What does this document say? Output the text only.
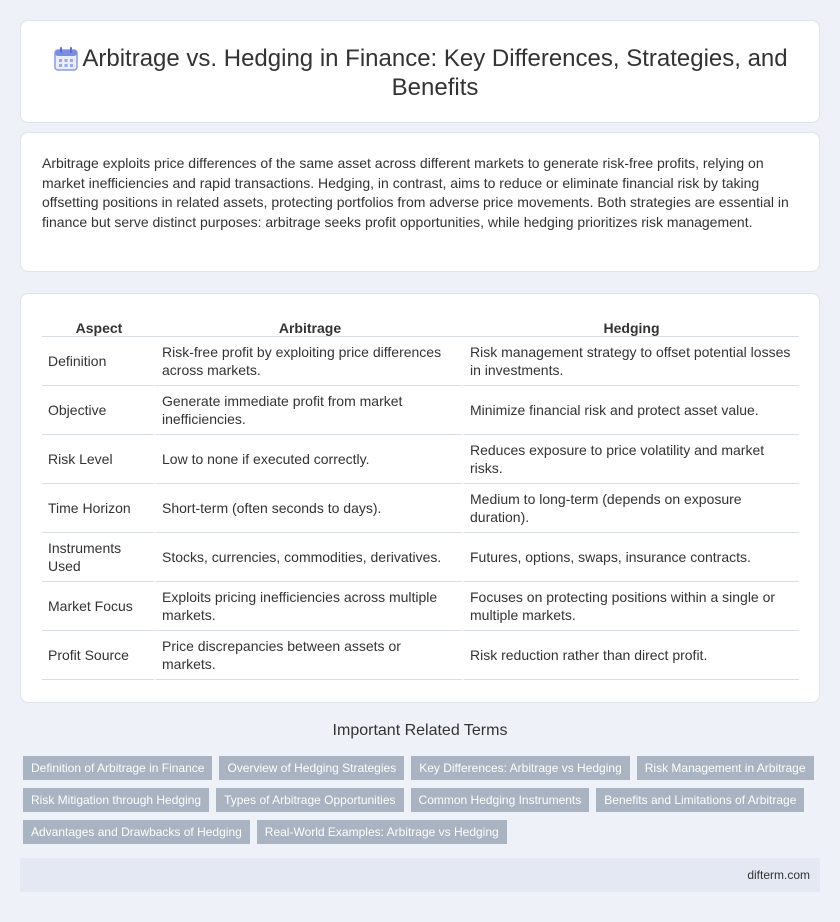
Arbitrage vs. Hedging in Finance: Key Differences, Strategies, and Benefits

Arbitrage exploits price differences of the same asset across different markets to generate risk-free profits, relying on market inefficiencies and rapid transactions. Hedging, in contrast, aims to reduce or eliminate financial risk by taking offsetting positions in related assets, protecting portfolios from adverse price movements. Both strategies are essential in finance but serve distinct purposes: arbitrage seeks profit opportunities, while hedging prioritizes risk management.

Aspect	Arbitrage	Hedging
Definition	Risk-free profit by exploiting price differences across markets.	Risk management strategy to offset potential losses in investments.
Objective	Generate immediate profit from market inefficiencies.	Minimize financial risk and protect asset value.
Risk Level	Low to none if executed correctly.	Reduces exposure to price volatility and market risks.
Time Horizon	Short-term (often seconds to days).	Medium to long-term (depends on exposure duration).
Instruments Used	Stocks, currencies, commodities, derivatives.	Futures, options, swaps, insurance contracts.
Market Focus	Exploits pricing inefficiencies across multiple markets.	Focuses on protecting positions within a single or multiple markets.
Profit Source	Price discrepancies between assets or markets.	Risk reduction rather than direct profit.
Important Related Terms
Definition of Arbitrage in Finance	Overview of Hedging Strategies	Key Differences: Arbitrage vs Hedging	Risk Management in Arbitrage
Risk Mitigation through Hedging	Types of Arbitrage Opportunities	Common Hedging Instruments	Benefits and Limitations of Arbitrage
Advantages and Drawbacks of Hedging	Real-World Examples: Arbitrage vs Hedging
difterm.com
